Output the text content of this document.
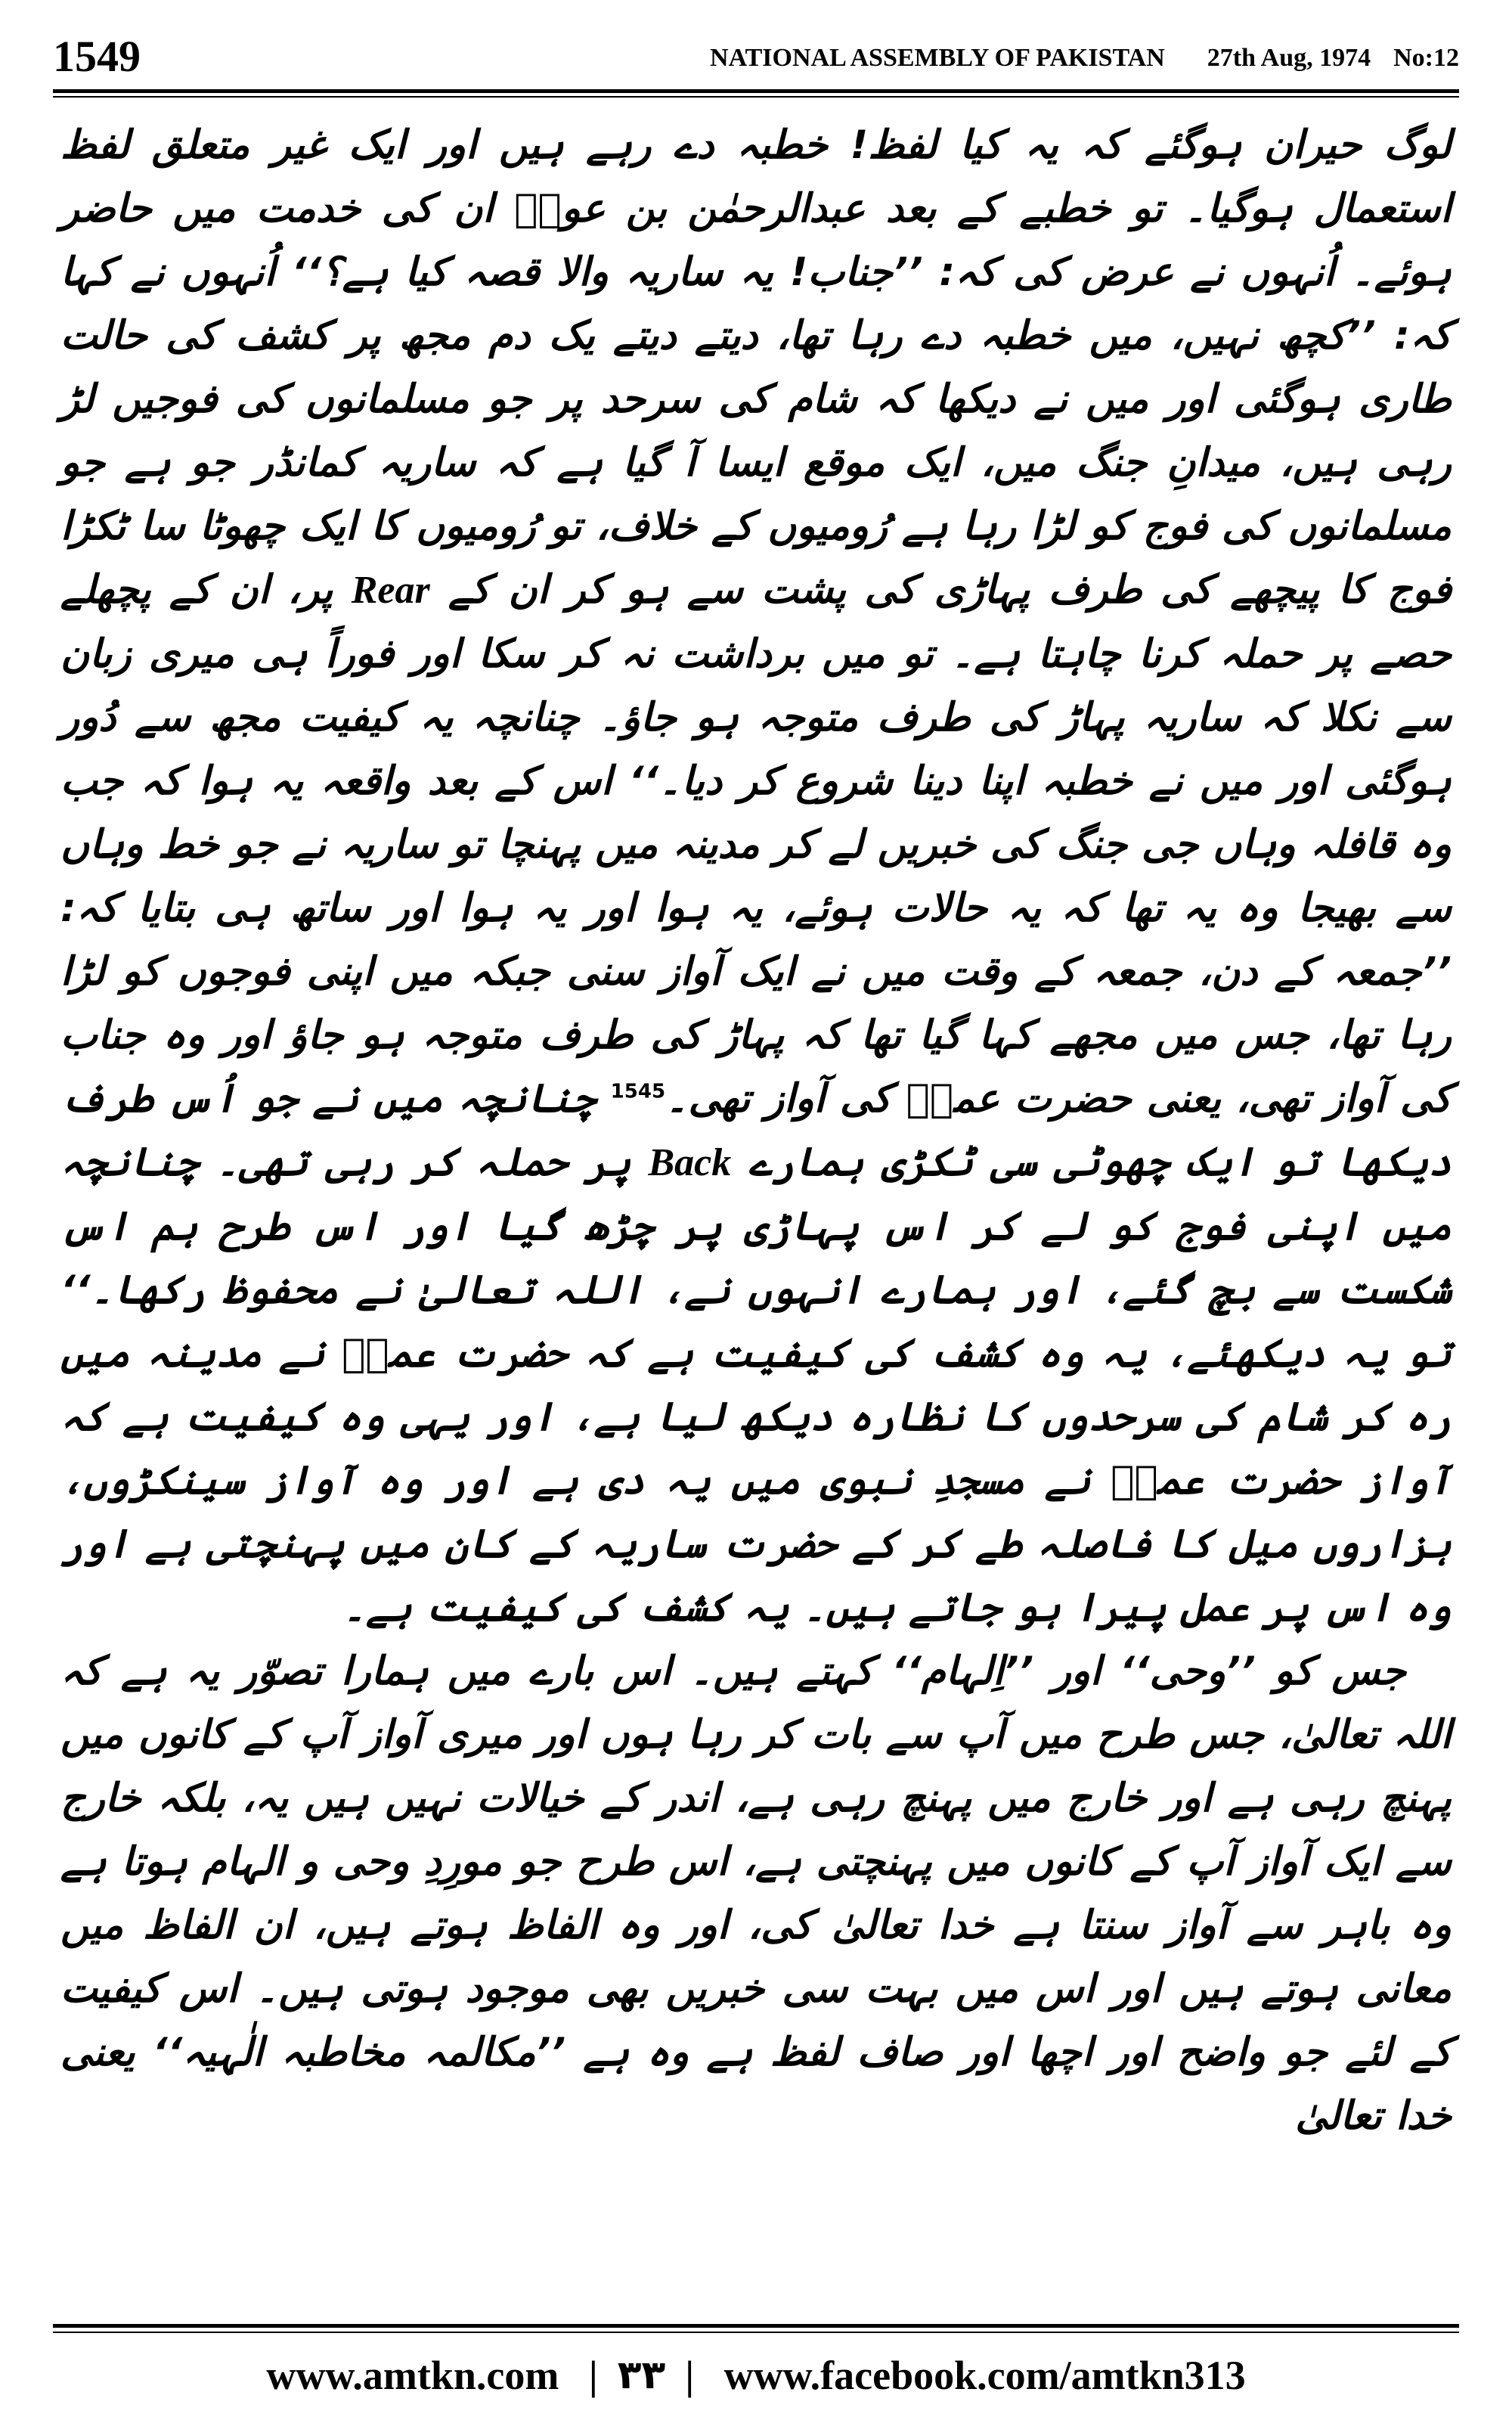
1549	NATIONAL ASSEMBLY OF PAKISTAN 27th Aug, 1974 No:12

لوگ حیران ہوگئے کہ یہ کیا لفظ! خطبہ دے رہے ہیں اور ایک غیر متعلق لفظ استعمال ہوگیا۔ تو خطبے کے بعد عبدالرحمٰن بن عوفؓ ان کی خدمت میں حاضر ہوئے۔ اُنہوں نے عرض کی کہ: ’’جناب! یہ ساریہ والا قصہ کیا ہے؟‘‘ اُنہوں نے کہا کہ: ’’کچھ نہیں، میں خطبہ دے رہا تھا، دیتے دیتے یک دم مجھ پر کشف کی حالت طاری ہوگئی اور میں نے دیکھا کہ شام کی سرحد پر جو مسلمانوں کی فوجیں لڑ رہی ہیں، میدانِ جنگ میں، ایک موقع ایسا آ گیا ہے کہ ساریہ کمانڈر جو ہے جو مسلمانوں کی فوج کو لڑا رہا ہے رُومیوں کے خلاف، تو رُومیوں کا ایک چھوٹا سا ٹکڑا فوج کا پیچھے کی طرف پہاڑی کی پشت سے ہو کر ان کے Rear پر، ان کے پچھلے حصے پر حملہ کرنا چاہتا ہے۔ تو میں برداشت نہ کر سکا اور فوراً ہی میری زبان سے نکلا کہ ساریہ پہاڑ کی طرف متوجہ ہو جاؤ۔ چنانچہ یہ کیفیت مجھ سے دُور ہوگئی اور میں نے خطبہ اپنا دینا شروع کر دیا۔‘‘ اس کے بعد واقعہ یہ ہوا کہ جب وہ قافلہ وہاں جی جنگ کی خبریں لے کر مدینہ میں پہنچا تو ساریہ نے جو خط وہاں سے بھیجا وہ یہ تھا کہ یہ حالات ہوئے، یہ ہوا اور یہ ہوا اور ساتھ ہی بتایا کہ: ’’جمعہ کے دن، جمعہ کے وقت میں نے ایک آواز سنی جبکہ میں اپنی فوجوں کو لڑا رہا تھا، جس میں مجھے کہا گیا تھا کہ پہاڑ کی طرف متوجہ ہو جاؤ اور وہ جناب کی آواز تھی، یعنی حضرت عمرؓ کی آواز تھی۔$^{1545}$ چنانچہ میں نے جو اُس طرف دیکھا تو ایک چھوٹی سی ٹکڑی ہمارے Back پر حملہ کر رہی تھی۔ چنانچہ میں اپنی فوج کو لے کر اس پہاڑی پر چڑھ گیا اور اس طرح ہم اس شکست سے بچ گئے، اور ہمارے انہوں نے، اللہ تعالیٰ نے محفوظ رکھا۔‘‘ تو یہ دیکھئے، یہ وہ کشف کی کیفیت ہے کہ حضرت عمرؓ نے مدینہ میں رہ کر شام کی سرحدوں کا نظارہ دیکھ لیا ہے، اور یہی وہ کیفیت ہے کہ آواز حضرت عمرؓ نے مسجدِ نبوی میں یہ دی ہے اور وہ آواز سینکڑوں، ہزاروں میل کا فاصلہ طے کر کے حضرت ساریہ کے کان میں پہنچتی ہے اور وہ اس پر عمل پیرا ہو جاتے ہیں۔ یہ کشف کی کیفیت ہے۔

جس کو ’’وحی‘‘ اور ’’اِلہام‘‘ کہتے ہیں۔ اس بارے میں ہمارا تصوّر یہ ہے کہ اللہ تعالیٰ، جس طرح میں آپ سے بات کر رہا ہوں اور میری آواز آپ کے کانوں میں پہنچ رہی ہے اور خارج میں پہنچ رہی ہے، اندر کے خیالات نہیں ہیں یہ، بلکہ خارج سے ایک آواز آپ کے کانوں میں پہنچتی ہے، اس طرح جو مورِدِ وحی و الہام ہوتا ہے وہ باہر سے آواز سنتا ہے خدا تعالیٰ کی، اور وہ الفاظ ہوتے ہیں، ان الفاظ میں معانی ہوتے ہیں اور اس میں بہت سی خبریں بھی موجود ہوتی ہیں۔ اس کیفیت کے لئے جو واضح اور اچھا اور صاف لفظ ہے وہ ہے ’’مکالمہ مخاطبہ الٰہیہ‘‘ یعنی خدا تعالیٰ

www.amtkn.com | ۳۳ | www.facebook.com/amtkn313
